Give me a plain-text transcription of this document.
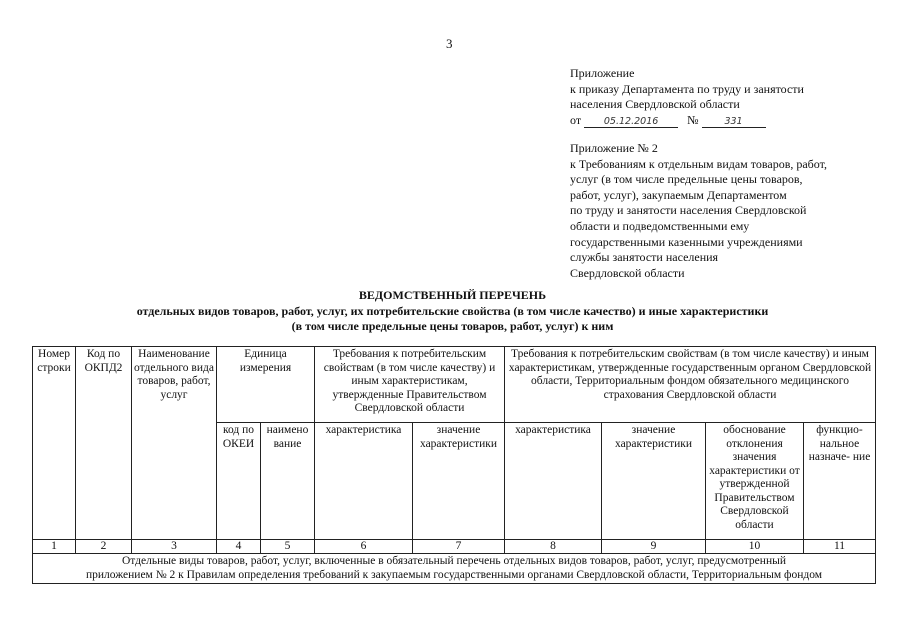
3
Приложение
к приказу Департамента по труду и занятости
населения Свердловской области
от 05.12.2016 №	331
Приложение № 2
к Требованиям к отдельным видам товаров, работ,
услуг (в том числе предельные цены товаров,
работ, услуг), закупаемым Департаментом
по труду и занятости населения Свердловской
области и подведомственными ему
государственными казенными учреждениями
службы занятости населения
Свердловской области
ВЕДОМСТВЕННЫЙ ПЕРЕЧЕНЬ
отдельных видов товаров, работ, услуг, их потребительские свойства (в том числе качество) и иные характеристики
(в том числе предельные цены товаров, работ, услуг) к ним
Номер строки	Код по ОКПД2	Наименование отдельного вида товаров, работ, услуг	Единица измерения		Требования к потребительским свойствам (в том числе качеству) и иным характеристикам, утвержденные Правительством Свердловской области		Требования к потребительским свойствам (в том числе качеству) и иным характеристикам, утвержденные государственным органом Свердловской области, Территориальным фондом обязательного медицинского страхования Свердловской области			
			код по ОКЕИ	наимено вание	характеристика	значение характеристики	характеристика	значение характеристики	обоснование отклонения значения характеристики от утвержденной Правительством Свердловской области	функцио- нальное назначе- ние
1	2	3	4	5	6	7	8	9	10	11

Отдельные виды товаров, работ, услуг, включенные в обязательный перечень отдельных видов товаров, работ, услуг, предусмотренный
приложением № 2 к Правилам определения требований к закупаемым государственными органами Свердловской области, Территориальным фондом										
